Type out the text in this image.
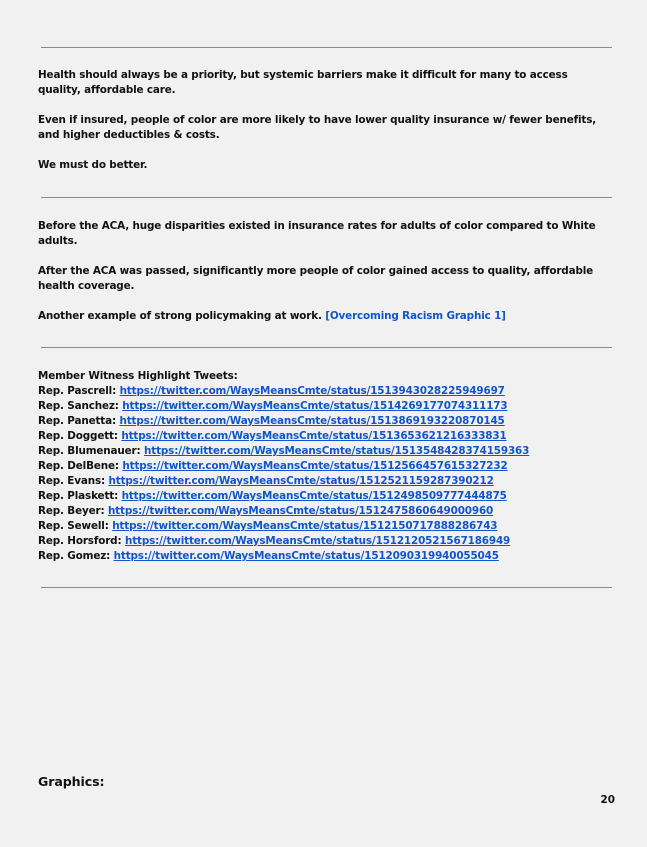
Health should always be a priority, but systemic barriers make it difficult for many to access quality, affordable care.

Even if insured, people of color are more likely to have lower quality insurance w/ fewer benefits, and higher deductibles & costs.

We must do better.

Before the ACA, huge disparities existed in insurance rates for adults of color compared to White adults.

After the ACA was passed, significantly more people of color gained access to quality, affordable health coverage.

Another example of strong policymaking at work. [Overcoming Racism Graphic 1]

Member Witness Highlight Tweets:

Rep. Pascrell: https://twitter.com/WaysMeansCmte/status/1513943028225949697

Rep. Sanchez: https://twitter.com/WaysMeansCmte/status/1514269177074311173

Rep. Panetta: https://twitter.com/WaysMeansCmte/status/1513869193220870145

Rep. Doggett: https://twitter.com/WaysMeansCmte/status/1513653621216333831

Rep. Blumenauer: https://twitter.com/WaysMeansCmte/status/1513548428374159363

Rep. DelBene: https://twitter.com/WaysMeansCmte/status/1512566457615327232

Rep. Evans: https://twitter.com/WaysMeansCmte/status/1512521159287390212

Rep. Plaskett: https://twitter.com/WaysMeansCmte/status/1512498509777444875

Rep. Beyer: https://twitter.com/WaysMeansCmte/status/1512475860649000960

Rep. Sewell: https://twitter.com/WaysMeansCmte/status/1512150717888286743

Rep. Horsford: https://twitter.com/WaysMeansCmte/status/1512120521567186949

Rep. Gomez: https://twitter.com/WaysMeansCmte/status/1512090319940055045

Graphics:
20
